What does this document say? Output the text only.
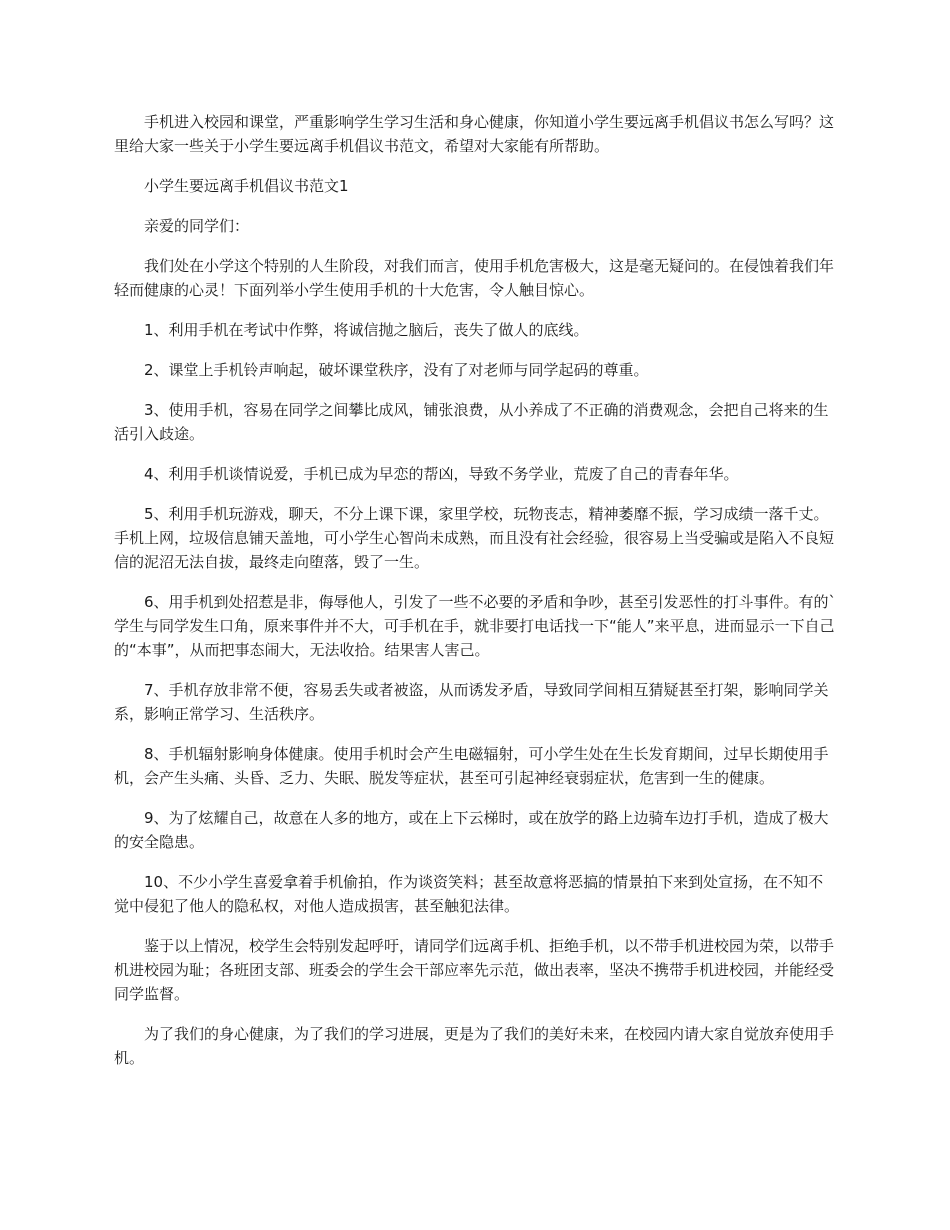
手机进入校园和课堂，严重影响学生学习生活和身心健康，你知道小学生要远离手机倡议书怎么写吗？这里给大家一些关于小学生要远离手机倡议书范文，希望对大家能有所帮助。

小学生要远离手机倡议书范文1

亲爱的同学们：

我们处在小学这个特别的人生阶段，对我们而言，使用手机危害极大，这是毫无疑问的。在侵蚀着我们年轻而健康的心灵！下面列举小学生使用手机的十大危害，令人触目惊心。

1、利用手机在考试中作弊，将诚信抛之脑后，丧失了做人的底线。

2、课堂上手机铃声响起，破坏课堂秩序，没有了对老师与同学起码的尊重。

3、使用手机，容易在同学之间攀比成风，铺张浪费，从小养成了不正确的消费观念，会把自己将来的生活引入歧途。

4、利用手机谈情说爱，手机已成为早恋的帮凶，导致不务学业，荒废了自己的青春年华。

5、利用手机玩游戏，聊天，不分上课下课，家里学校，玩物丧志，精神萎靡不振，学习成绩一落千丈。手机上网，垃圾信息铺天盖地，可小学生心智尚未成熟，而且没有社会经验，很容易上当受骗或是陷入不良短信的泥沼无法自拔，最终走向堕落，毁了一生。

6、用手机到处招惹是非，侮辱他人，引发了一些不必要的矛盾和争吵，甚至引发恶性的打斗事件。有的`学生与同学发生口角，原来事件并不大，可手机在手，就非要打电话找一下“能人”来平息，进而显示一下自己的“本事”，从而把事态闹大，无法收拾。结果害人害己。

7、手机存放非常不便，容易丢失或者被盗，从而诱发矛盾，导致同学间相互猜疑甚至打架，影响同学关系，影响正常学习、生活秩序。

8、手机辐射影响身体健康。使用手机时会产生电磁辐射，可小学生处在生长发育期间，过早长期使用手机，会产生头痛、头昏、乏力、失眠、脱发等症状，甚至可引起神经衰弱症状，危害到一生的健康。

9、为了炫耀自己，故意在人多的地方，或在上下云梯时，或在放学的路上边骑车边打手机，造成了极大的安全隐患。

10、不少小学生喜爱拿着手机偷拍，作为谈资笑料；甚至故意将恶搞的情景拍下来到处宣扬，在不知不觉中侵犯了他人的隐私权，对他人造成损害，甚至触犯法律。

鉴于以上情况，校学生会特别发起呼吁，请同学们远离手机、拒绝手机，以不带手机进校园为荣，以带手机进校园为耻；各班团支部、班委会的学生会干部应率先示范，做出表率，坚决不携带手机进校园，并能经受同学监督。

为了我们的身心健康，为了我们的学习进展，更是为了我们的美好未来，在校园内请大家自觉放弃使用手机。
